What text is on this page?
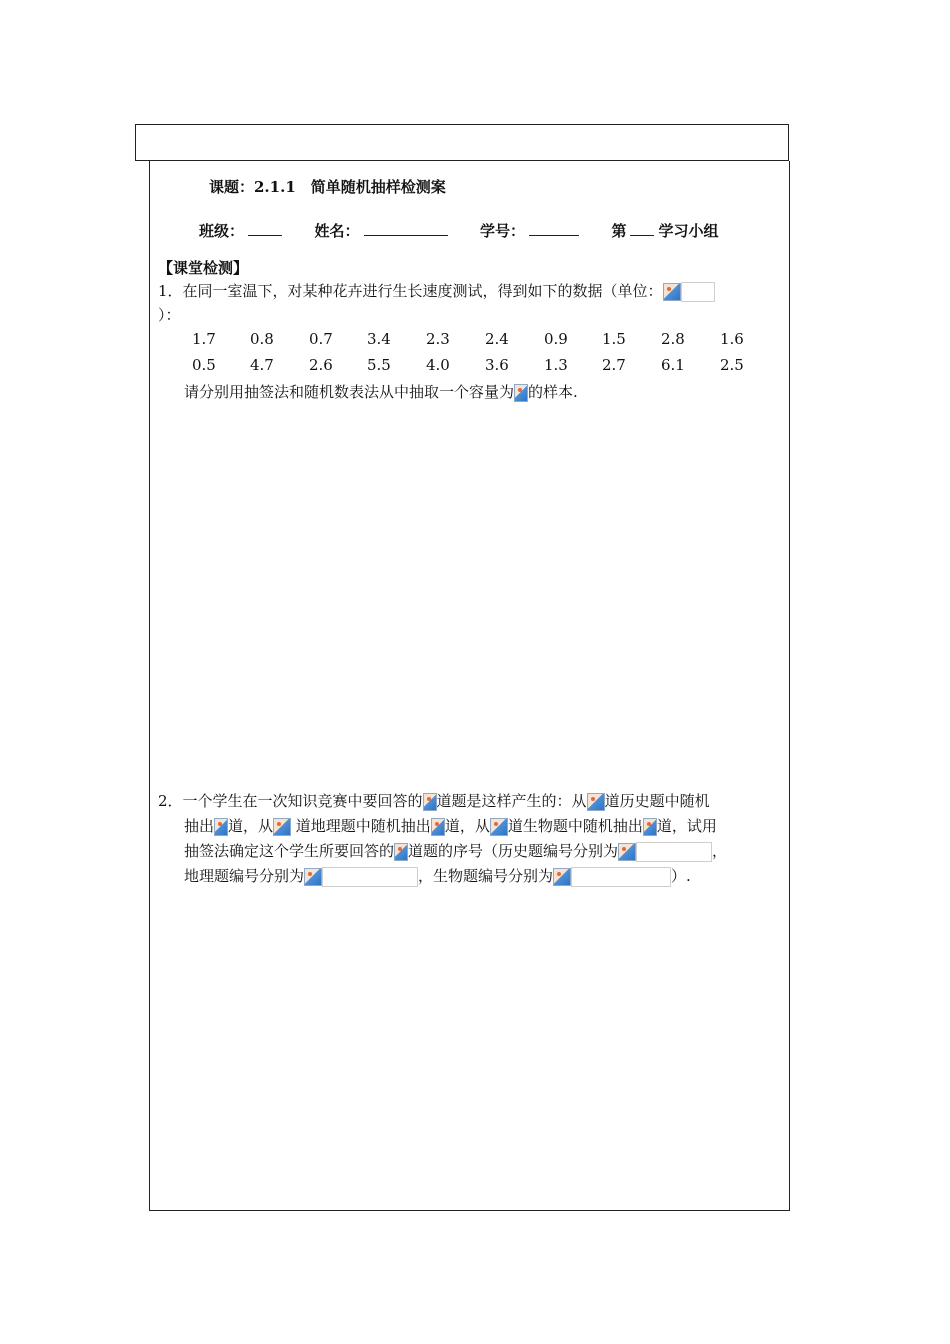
课题：2.1.1　简单随机抽样检测案
班级：	姓名：	学号：	第 学习小组
【课堂检测】
1．在同一室温下，对某种花卉进行生长速度测试，得到如下的数据（单位：
）：
1.7 0.8 0.7 3.4 2.3 2.4 0.9 1.5 2.8 1.6
0.5 4.7 2.6 5.5 4.0 3.6 1.3 2.7 6.1 2.5
请分别用抽签法和随机数表法从中抽取一个容量为 的样本.
2．一个学生在一次知识竞赛中要回答的 道题是这样产生的：从 道历史题中随机
抽出 道，从 道地理题中随机抽出 道，从 道生物题中随机抽出 道，试用
抽签法确定这个学生所要回答的 道题的序号（历史题编号分别为	，
地理题编号分别为	，生物题编号分别为	）.
